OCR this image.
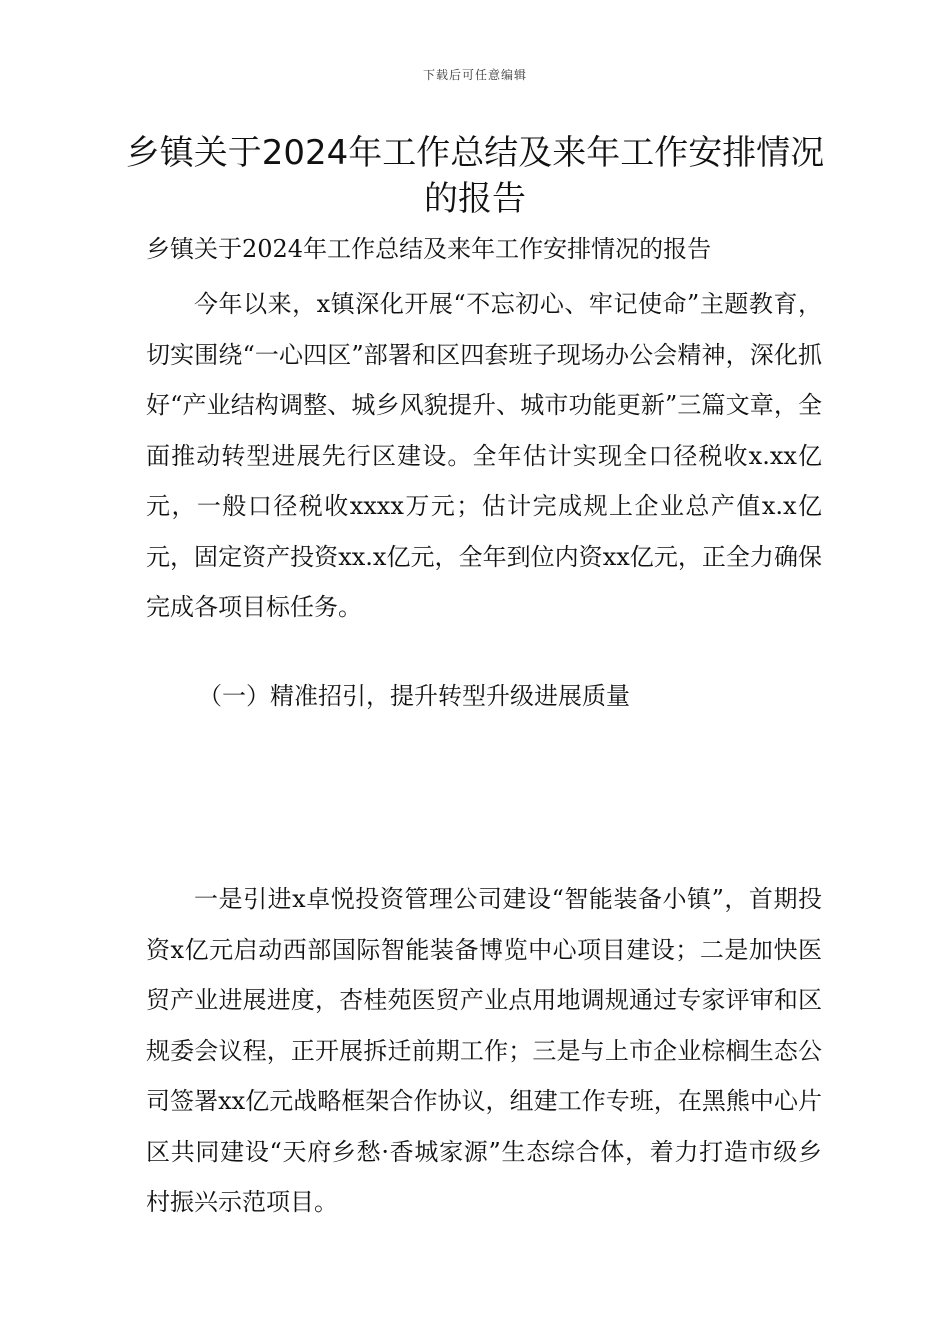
下载后可任意编辑
乡镇关于2024年工作总结及来年工作安排情况的报告

乡镇关于2024年工作总结及来年工作安排情况的报告

今年以来，x镇深化开展“不忘初心、牢记使命”主题教育，切实围绕“一心四区”部署和区四套班子现场办公会精神，深化抓好“产业结构调整、城乡风貌提升、城市功能更新”三篇文章，全面推动转型进展先行区建设。全年估计实现全口径税收x.xx亿元，一般口径税收xxxx万元；估计完成规上企业总产值x.x亿元，固定资产投资xx.x亿元，全年到位内资xx亿元，正全力确保完成各项目标任务。

（一）精准招引，提升转型升级进展质量

一是引进x卓悦投资管理公司建设“智能装备小镇”，首期投资x亿元启动西部国际智能装备博览中心项目建设；二是加快医贸产业进展进度，杏桂苑医贸产业点用地调规通过专家评审和区规委会议程，正开展拆迁前期工作；三是与上市企业棕榈生态公司签署xx亿元战略框架合作协议，组建工作专班，在黑熊中心片区共同建设“天府乡愁·香城家源”生态综合体，着力打造市级乡村振兴示范项目。
